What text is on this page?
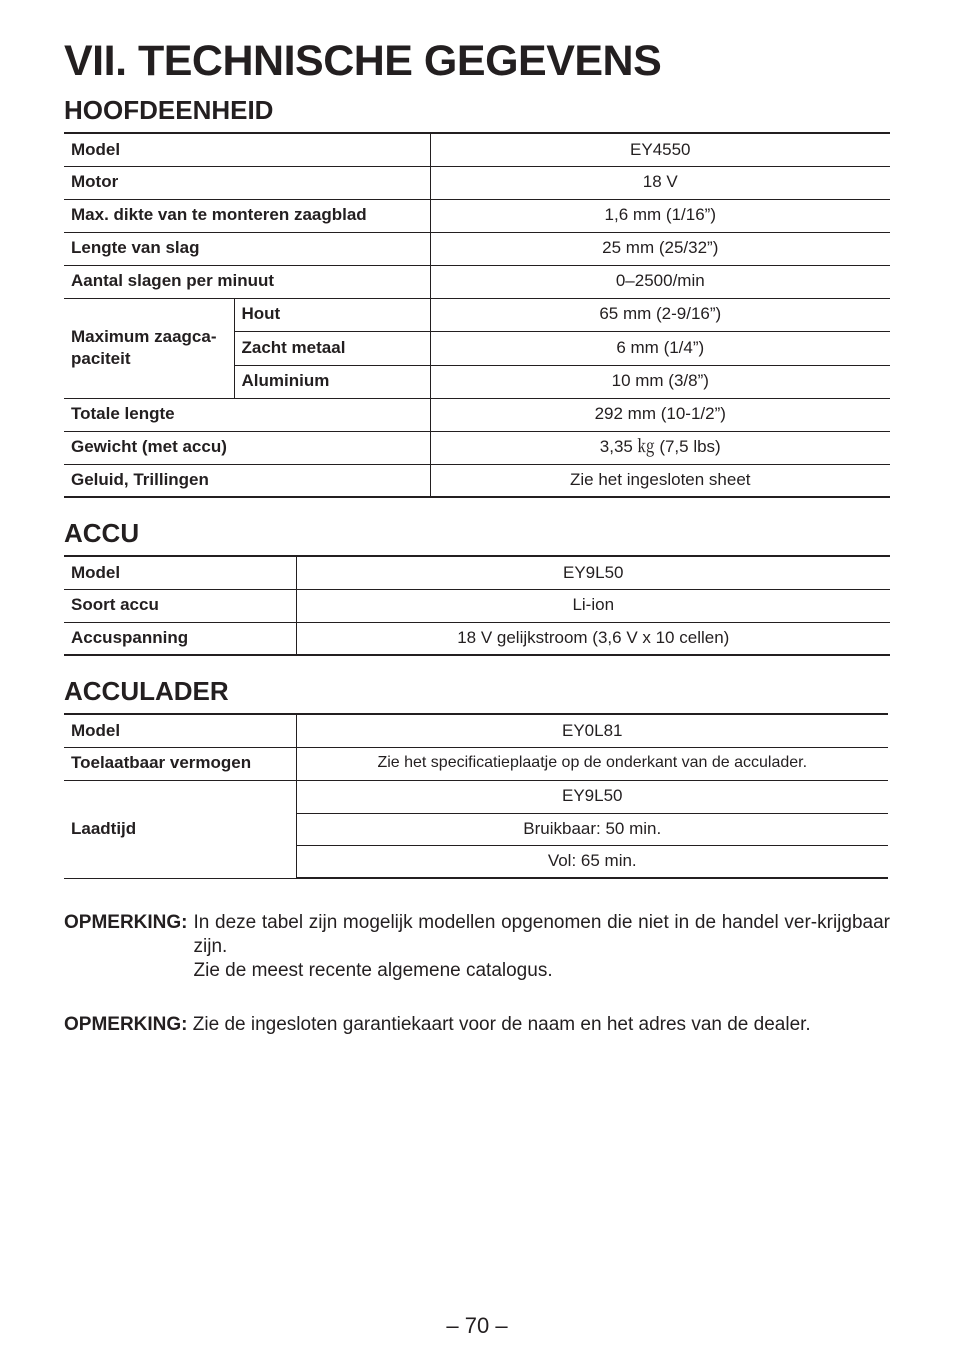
VII. TECHNISCHE GEGEVENS
HOOFDEENHEID
Model		EY4550
Motor		18 V
Max. dikte van te monteren zaagblad		1,6 mm (1/16”)
Lengte van slag		25 mm (25/32”)
Aantal slagen per minuut		0–2500/min
Maximum zaagca-paciteit	Hout	65 mm (2-9/16”)
	Zacht metaal	6 mm (1/4”)
	Aluminium	10 mm (3/8”)
Totale lengte		292 mm (10-1/2”)
Gewicht (met accu)		3,35 ㎏ (7,5 lbs)
Geluid, Trillingen		Zie het ingesloten sheet
ACCU
Model	EY9L50
Soort accu	Li-ion
Accuspanning	18 V gelijkstroom (3,6 V x 10 cellen)
ACCULADER
Model	EY0L81
Toelaatbaar vermogen	Zie het specificatieplaatje op de onderkant van de acculader.
Laadtijd	EY9L50
	Bruikbaar: 50 min.
	Vol: 65 min.
OPMERKING: In deze tabel zijn mogelijk modellen opgenomen die niet in de handel ver-krijgbaar zijn.
Zie de meest recente algemene catalogus.
OPMERKING: Zie de ingesloten garantiekaart voor de naam en het adres van de dealer.
– 70 –
